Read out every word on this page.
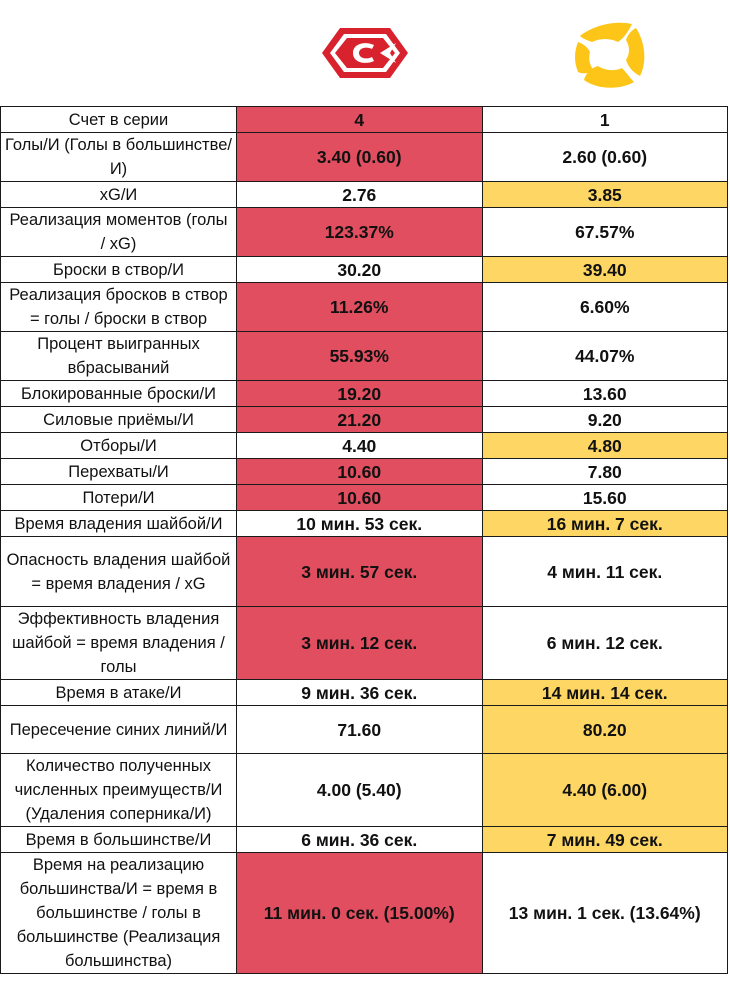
Счет в серии	4	1
Голы/И (Голы в большинстве/И)	3.40 (0.60)	2.60 (0.60)
xG/И	2.76	3.85
Реализация моментов (голы / xG)	123.37%	67.57%
Броски в створ/И	30.20	39.40
Реализация бросков в створ = голы / броски в створ	11.26%	6.60%
Процент выигранных вбрасываний	55.93%	44.07%
Блокированные броски/И	19.20	13.60
Силовые приёмы/И	21.20	9.20
Отборы/И	4.40	4.80
Перехваты/И	10.60	7.80
Потери/И	10.60	15.60
Время владения шайбой/И	10 мин. 53 сек.	16 мин. 7 сек.
Опасность владения шайбой = время владения / xG	3 мин. 57 сек.	4 мин. 11 сек.
Эффективность владения шайбой = время владения / голы	3 мин. 12 сек.	6 мин. 12 сек.
Время в атаке/И	9 мин. 36 сек.	14 мин. 14 сек.
Пересечение синих линий/И	71.60	80.20
Количество полученных численных преимуществ/И (Удаления соперника/И)	4.00 (5.40)	4.40 (6.00)
Время в большинстве/И	6 мин. 36 сек.	7 мин. 49 сек.
Время на реализацию большинства/И = время в большинстве / голы в большинстве (Реализация большинства)	11 мин. 0 сек. (15.00%)	13 мин. 1 сек. (13.64%)
